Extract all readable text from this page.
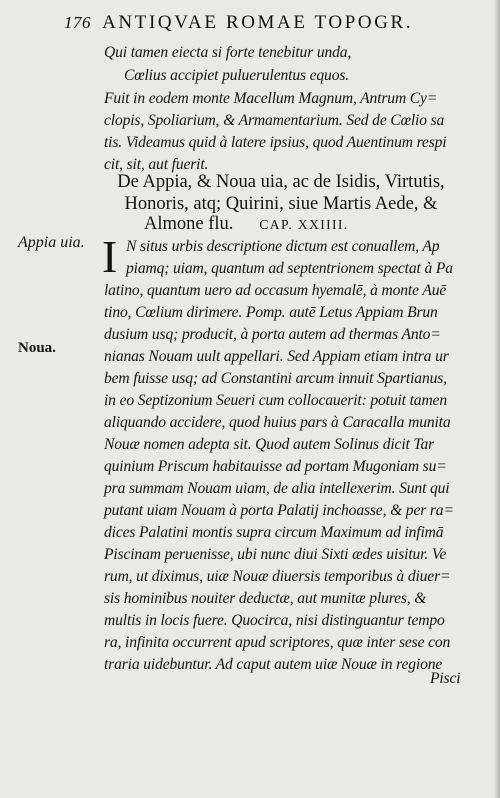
176 ANTIQVAE ROMAE TOPOGR.
Qui tamen eiecta si forte tenebitur unda,
Cœlius accipiet puluerulentus equos.
Fuit in eodem monte Macellum Magnum, Antrum Cy=
clopis, Spoliarium, & Armamentarium. Sed de Cœlio sa
tis. Videamus quid à latere ipsius, quod Auentinum respi
cit, sit, aut fuerit.
De Appia, & Noua uia, ac de Isidis, Virtutis,
Honoris, atq; Quirini, siue Martis Aede, &
Almone flu. CAP. XXIIII.
Appia uia.
Noua.
I N situs urbis descriptione dictum est conuallem, Ap
piamq; uiam, quantum ad septentrionem spectat à Pa
latino, quantum uero ad occasum hyemalē, à monte Auē
tino, Cœlium dirimere. Pomp. autē Letus Appiam Brun
dusium usq; producit, à porta autem ad thermas Anto=
nianas Nouam uult appellari. Sed Appiam etiam intra ur
bem fuisse usq; ad Constantini arcum innuit Spartianus,
in eo Septizonium Seueri cum collocauerit: potuit tamen
aliquando accidere, quod huius pars à Caracalla munita
Nouæ nomen adepta sit. Quod autem Solinus dicit Tar
quinium Priscum habitauisse ad portam Mugoniam su=
pra summam Nouam uiam, de alia intellexerim. Sunt qui
putant uiam Nouam à porta Palatij inchoasse, & per ra=
dices Palatini montis supra circum Maximum ad infimā
Piscinam peruenisse, ubi nunc diui Sixti ædes uisitur. Ve
rum, ut diximus, uiæ Nouæ diuersis temporibus à diuer=
sis hominibus nouiter deductæ, aut munitæ plures, &
multis in locis fuere. Quocirca, nisi distinguantur tempo
ra, infinita occurrent apud scriptores, quæ inter sese con
traria uidebuntur. Ad caput autem uiæ Nouæ in regione
Pisci
